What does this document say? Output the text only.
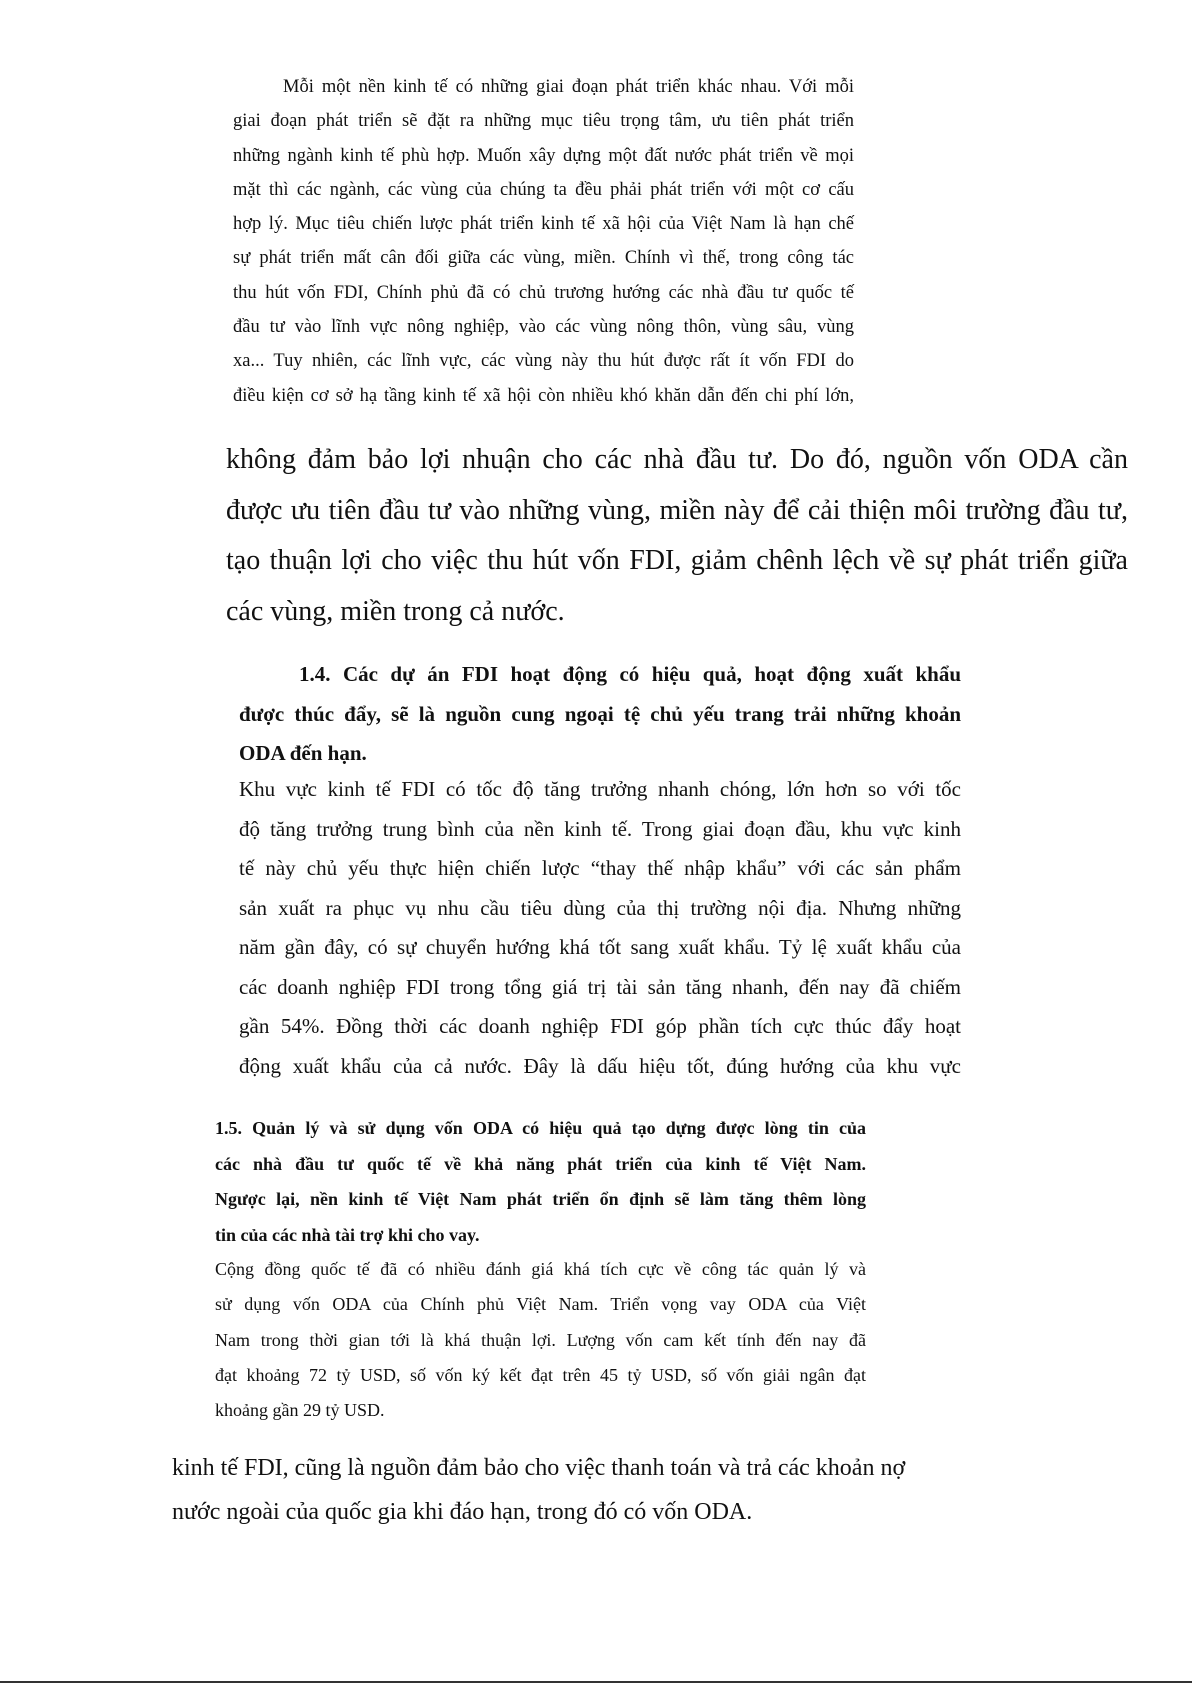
Mỗi một nền kinh tế có những giai đoạn phát triển khác nhau. Với mỗi

giai đoạn phát triển sẽ đặt ra những mục tiêu trọng tâm, ưu tiên phát triển

những ngành kinh tế phù hợp. Muốn xây dựng một đất nước phát triển về mọi

mặt thì các ngành, các vùng của chúng ta đều phải phát triển với một cơ cấu

hợp lý. Mục tiêu chiến lược phát triển kinh tế xã hội của Việt Nam là hạn chế

sự phát triển mất cân đối giữa các vùng, miền. Chính vì thế, trong công tác

thu hút vốn FDI, Chính phủ đã có chủ trương hướng các nhà đầu tư quốc tế

đầu tư vào lĩnh vực nông nghiệp, vào các vùng nông thôn, vùng sâu, vùng

xa... Tuy nhiên, các lĩnh vực, các vùng này thu hút được rất ít vốn FDI do

điều kiện cơ sở hạ tầng kinh tế xã hội còn nhiều khó khăn dẫn đến chi phí lớn,

không đảm bảo lợi nhuận cho các nhà đầu tư. Do đó, nguồn vốn ODA cần

được ưu tiên đầu tư vào những vùng, miền này để cải thiện môi trường đầu tư,

tạo thuận lợi cho việc thu hút vốn FDI, giảm chênh lệch về sự phát triển giữa

các vùng, miền trong cả nước.

1.4. Các dự án FDI hoạt động có hiệu quả, hoạt động xuất khẩu

được thúc đẩy, sẽ là nguồn cung ngoại tệ chủ yếu trang trải những khoản

ODA đến hạn.

Khu vực kinh tế FDI có tốc độ tăng trưởng nhanh chóng, lớn hơn so với tốc

độ tăng trưởng trung bình của nền kinh tế. Trong giai đoạn đầu, khu vực kinh

tế này chủ yếu thực hiện chiến lược “thay thế nhập khẩu” với các sản phẩm

sản xuất ra phục vụ nhu cầu tiêu dùng của thị trường nội địa. Nhưng những

năm gần đây, có sự chuyển hướng khá tốt sang xuất khẩu. Tỷ lệ xuất khẩu của

các doanh nghiệp FDI trong tổng giá trị tài sản tăng nhanh, đến nay đã chiếm

gần 54%. Đồng thời các doanh nghiệp FDI góp phần tích cực thúc đẩy hoạt

động xuất khẩu của cả nước. Đây là dấu hiệu tốt, đúng hướng của khu vực

1.5. Quản lý và sử dụng vốn ODA có hiệu quả tạo dựng được lòng tin của

các nhà đầu tư quốc tế về khả năng phát triển của kinh tế Việt Nam.

Ngược lại, nền kinh tế Việt Nam phát triển ổn định sẽ làm tăng thêm lòng

tin của các nhà tài trợ khi cho vay.

Cộng đồng quốc tế đã có nhiều đánh giá khá tích cực về công tác quản lý và

sử dụng vốn ODA của Chính phủ Việt Nam. Triển vọng vay ODA của Việt

Nam trong thời gian tới là khá thuận lợi. Lượng vốn cam kết tính đến nay đã

đạt khoảng 72 tỷ USD, số vốn ký kết đạt trên 45 tỷ USD, số vốn giải ngân đạt

khoảng gần 29 tỷ USD.

kinh tế FDI, cũng là nguồn đảm bảo cho việc thanh toán và trả các khoản nợ

nước ngoài của quốc gia khi đáo hạn, trong đó có vốn ODA.
